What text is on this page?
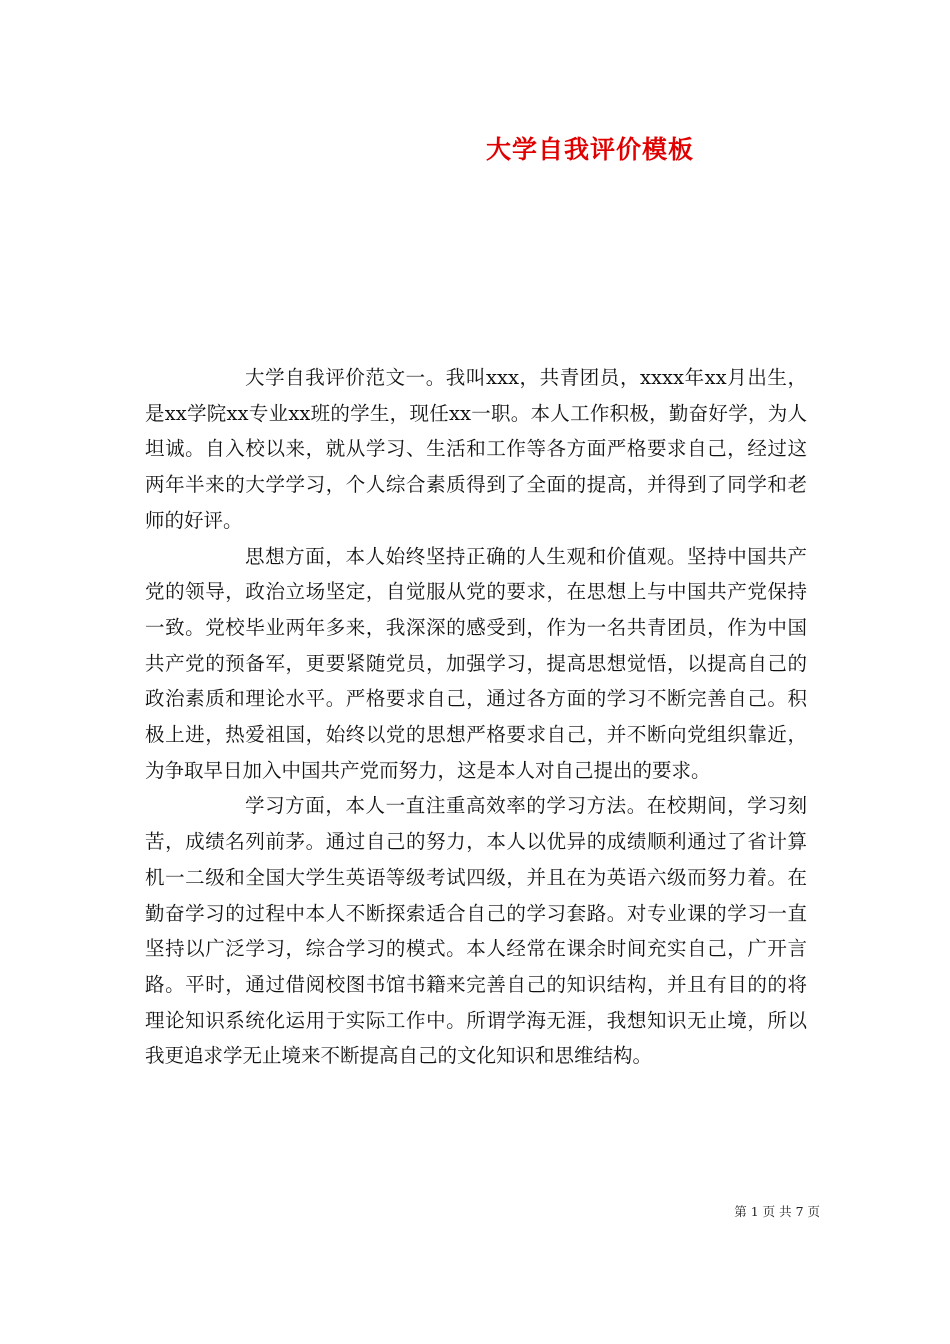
大学自我评价模板

大学自我评价范文一。我叫xxx，共青团员，xxxx年xx月出生，是xx学院xx专业xx班的学生，现任xx一职。本人工作积极，勤奋好学，为人坦诚。自入校以来，就从学习、生活和工作等各方面严格要求自己，经过这两年半来的大学学习，个人综合素质得到了全面的提高，并得到了同学和老师的好评。

思想方面，本人始终坚持正确的人生观和价值观。坚持中国共产党的领导，政治立场坚定，自觉服从党的要求，在思想上与中国共产党保持一致。党校毕业两年多来，我深深的感受到，作为一名共青团员，作为中国共产党的预备军，更要紧随党员，加强学习，提高思想觉悟，以提高自己的政治素质和理论水平。严格要求自己，通过各方面的学习不断完善自己。积极上进，热爱祖国，始终以党的思想严格要求自己，并不断向党组织靠近，为争取早日加入中国共产党而努力，这是本人对自己提出的要求。

学习方面，本人一直注重高效率的学习方法。在校期间，学习刻苦，成绩名列前茅。通过自己的努力，本人以优异的成绩顺利通过了省计算机一二级和全国大学生英语等级考试四级，并且在为英语六级而努力着。在勤奋学习的过程中本人不断探索适合自己的学习套路。对专业课的学习一直坚持以广泛学习，综合学习的模式。本人经常在课余时间充实自己，广开言路。平时，通过借阅校图书馆书籍来完善自己的知识结构，并且有目的的将理论知识系统化运用于实际工作中。所谓学海无涯，我想知识无止境，所以我更追求学无止境来不断提高自己的文化知识和思维结构。

第 1 页 共 7 页
